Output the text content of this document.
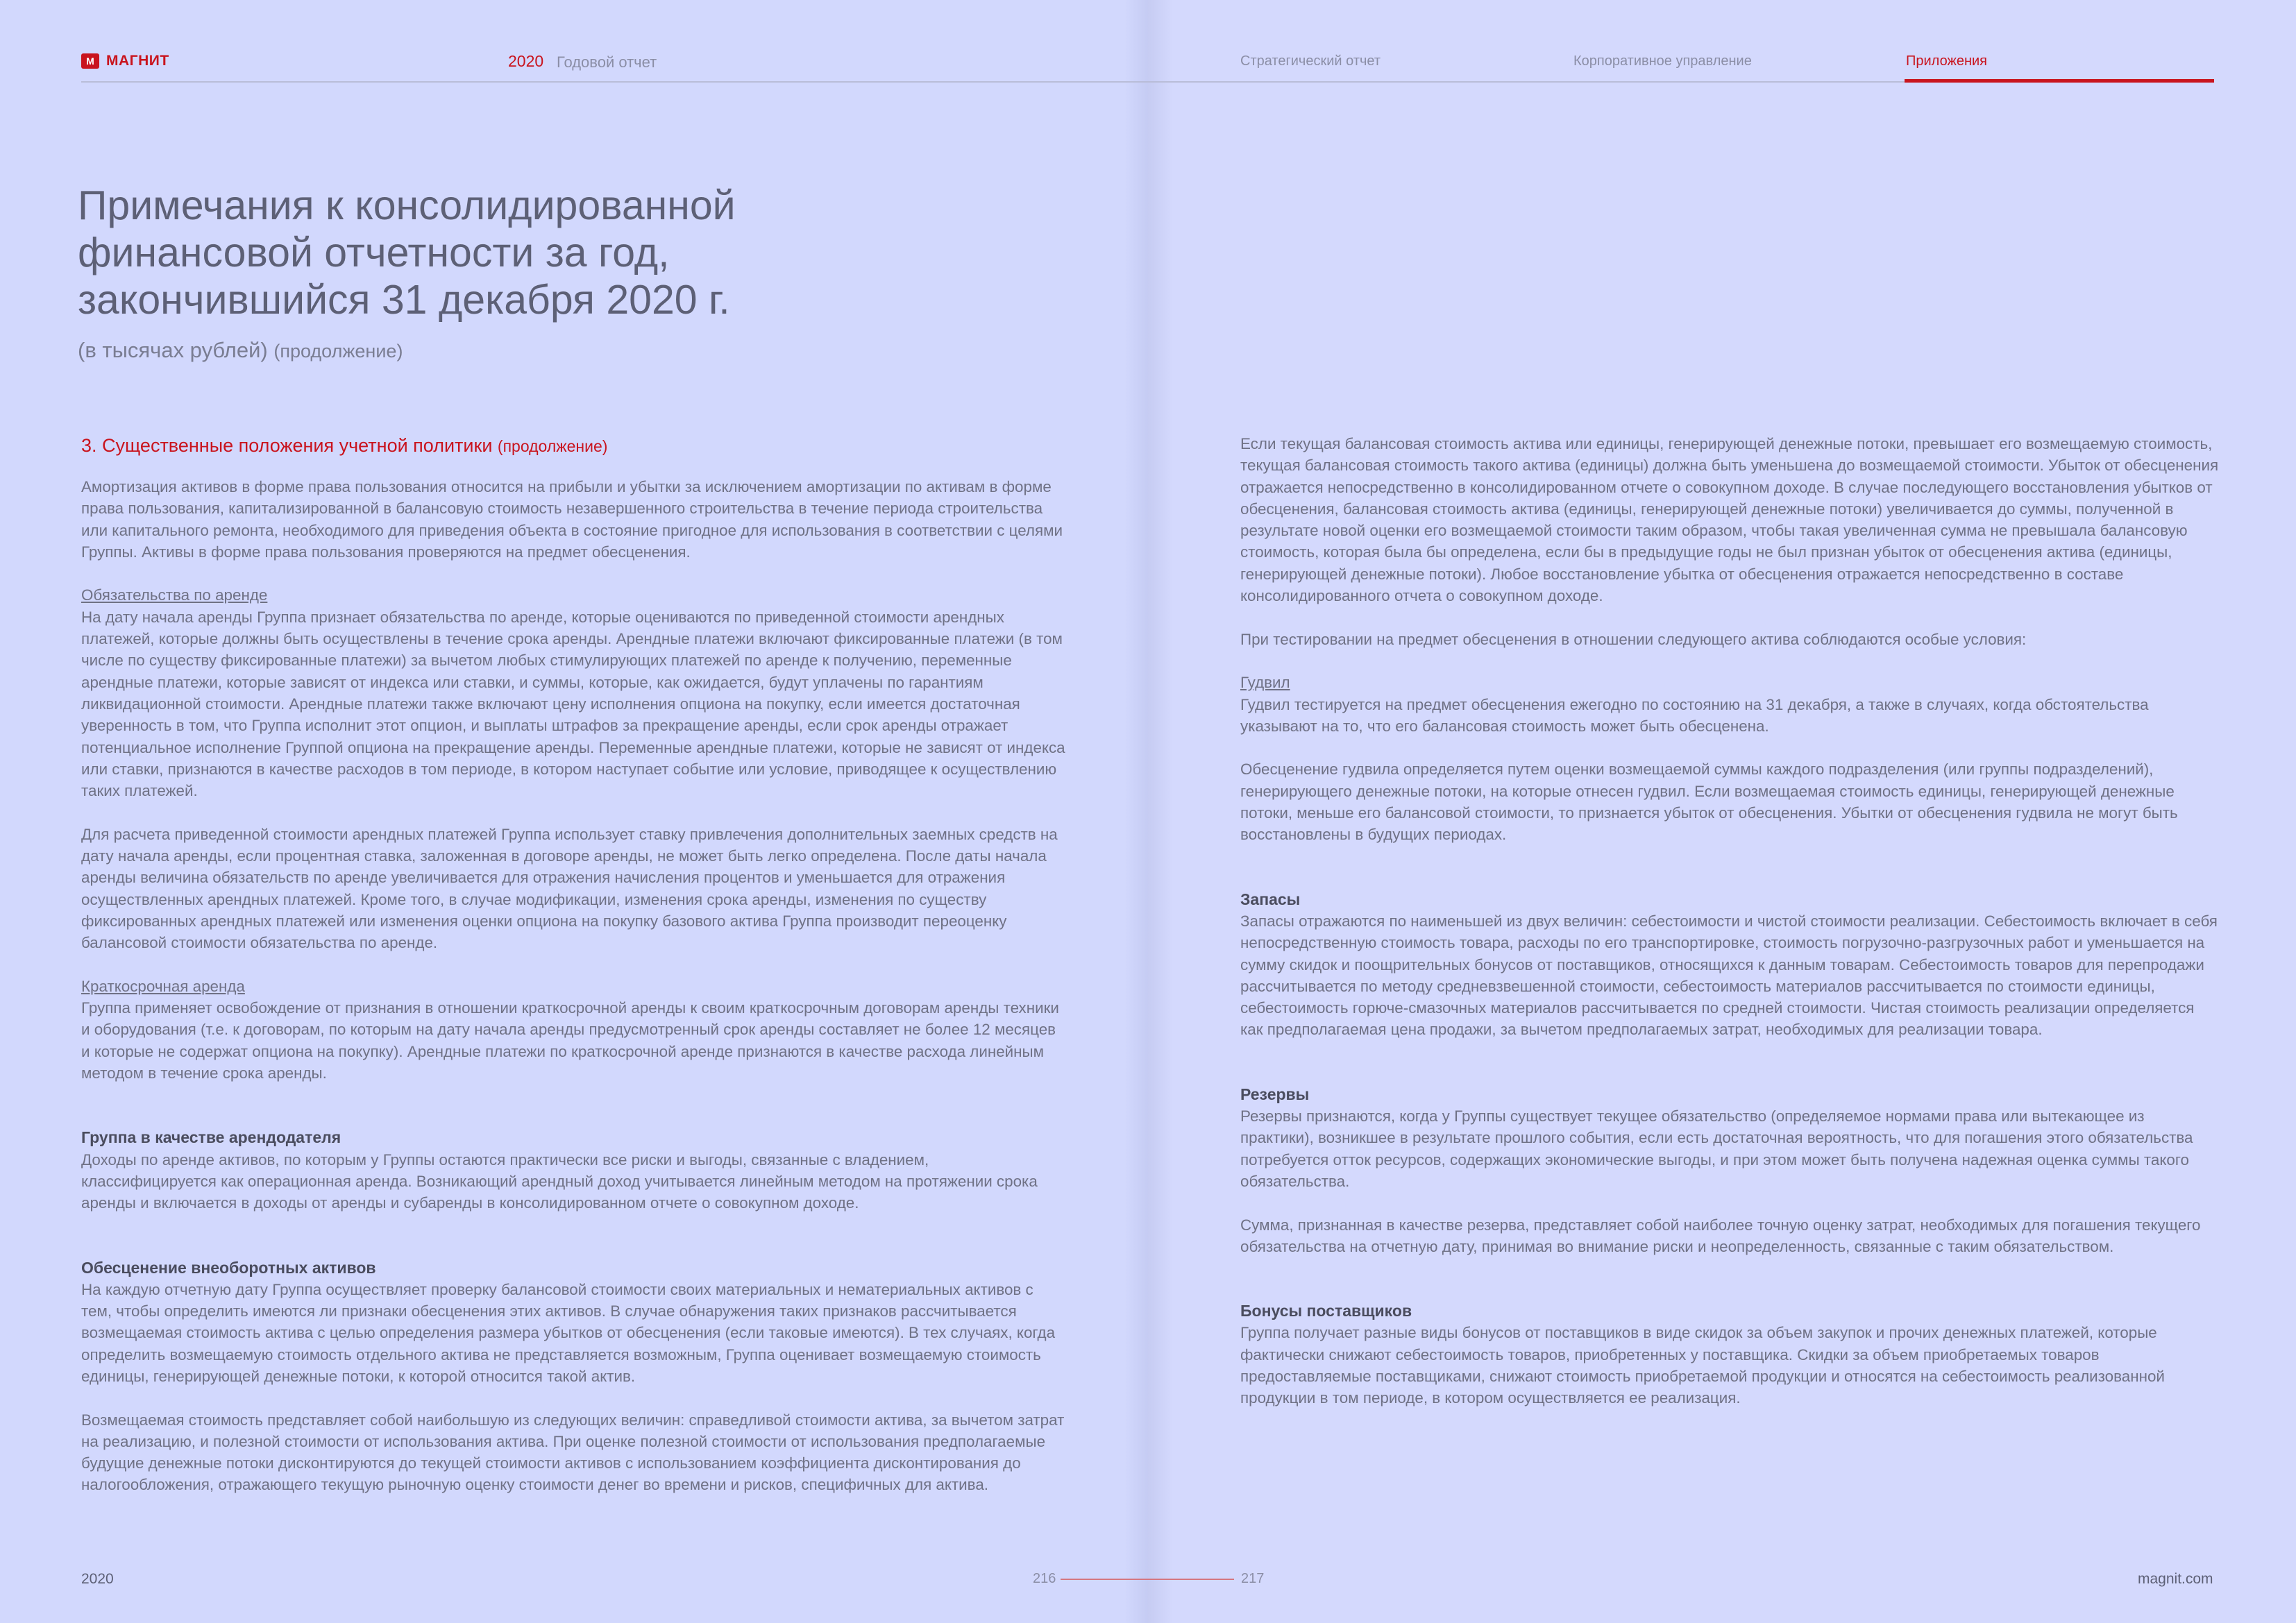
M МАГНИТ	2020 Годовой отчет	Стратегический отчет	Корпоративное управление	Приложения
Примечания к консолидированной
финансовой отчетности за год,
закончившийся 31 декабря 2020 г.
(в тысячах рублей) (продолжение)
3. Существенные положения учетной политики (продолжение)

Амортизация активов в форме права пользования относится на прибыли и убытки за исключением амортизации по активам в форме права пользования, капитализированной в балансовую стоимость незавершенного строительства в течение периода строительства или капитального ремонта, необходимого для приведения объекта в состояние пригодное для использования в соответствии с целями Группы. Активы в форме права пользования проверяются на предмет обесценения.

Обязательства по аренде
На дату начала аренды Группа признает обязательства по аренде, которые оцениваются по приведенной стоимости арендных платежей, которые должны быть осуществлены в течение срока аренды. Арендные платежи включают фиксированные платежи (в том числе по существу фиксированные платежи) за вычетом любых стимулирующих платежей по аренде к получению, переменные арендные платежи, которые зависят от индекса или ставки, и суммы, которые, как ожидается, будут уплачены по гарантиям ликвидационной стоимости. Арендные платежи также включают цену исполнения опциона на покупку, если имеется достаточная уверенность в том, что Группа исполнит этот опцион, и выплаты штрафов за прекращение аренды, если срок аренды отражает потенциальное исполнение Группой опциона на прекращение аренды. Переменные арендные платежи, которые не зависят от индекса или ставки, признаются в качестве расходов в том периоде, в котором наступает событие или условие, приводящее к осуществлению таких платежей.

Для расчета приведенной стоимости арендных платежей Группа использует ставку привлечения дополнительных заемных средств на дату начала аренды, если процентная ставка, заложенная в договоре аренды, не может быть легко определена. После даты начала аренды величина обязательств по аренде увеличивается для отражения начисления процентов и уменьшается для отражения осуществленных арендных платежей. Кроме того, в случае модификации, изменения срока аренды, изменения по существу фиксированных арендных платежей или изменения оценки опциона на покупку базового актива Группа производит переоценку балансовой стоимости обязательства по аренде.

Краткосрочная аренда
Группа применяет освобождение от признания в отношении краткосрочной аренды к своим краткосрочным договорам аренды техники и оборудования (т.е. к договорам, по которым на дату начала аренды предусмотренный срок аренды составляет не более 12 месяцев и которые не содержат опциона на покупку). Арендные платежи по краткосрочной аренде признаются в качестве расхода линейным методом в течение срока аренды.
Группа в качестве арендодателя
Доходы по аренде активов, по которым у Группы остаются практически все риски и выгоды, связанные с владением, классифицируется как операционная аренда. Возникающий арендный доход учитывается линейным методом на протяжении срока аренды и включается в доходы от аренды и субаренды в консолидированном отчете о совокупном доходе.
Обесценение внеоборотных активов
На каждую отчетную дату Группа осуществляет проверку балансовой стоимости своих материальных и нематериальных активов с тем, чтобы определить имеются ли признаки обесценения этих активов. В случае обнаружения таких признаков рассчитывается возмещаемая стоимость актива с целью определения размера убытков от обесценения (если таковые имеются). В тех случаях, когда определить возмещаемую стоимость отдельного актива не представляется возможным, Группа оценивает возмещаемую стоимость единицы, генерирующей денежные потоки, к которой относится такой актив.

Возмещаемая стоимость представляет собой наибольшую из следующих величин: справедливой стоимости актива, за вычетом затрат на реализацию, и полезной стоимости от использования актива. При оценке полезной стоимости от использования предполагаемые будущие денежные потоки дисконтируются до текущей стоимости активов с использованием коэффициента дисконтирования до налогообложения, отражающего текущую рыночную оценку стоимости денег во времени и рисков, специфичных для актива.

Если текущая балансовая стоимость актива или единицы, генерирующей денежные потоки, превышает его возмещаемую стоимость, текущая балансовая стоимость такого актива (единицы) должна быть уменьшена до возмещаемой стоимости. Убыток от обесценения отражается непосредственно в консолидированном отчете о совокупном доходе. В случае последующего восстановления убытков от обесценения, балансовая стоимость актива (единицы, генерирующей денежные потоки) увеличивается до суммы, полученной в результате новой оценки его возмещаемой стоимости таким образом, чтобы такая увеличенная сумма не превышала балансовую стоимость, которая была бы определена, если бы в предыдущие годы не был признан убыток от обесценения актива (единицы, генерирующей денежные потоки). Любое восстановление убытка от обесценения отражается непосредственно в составе консолидированного отчета о совокупном доходе.

При тестировании на предмет обесценения в отношении следующего актива соблюдаются особые условия:

Гудвил
Гудвил тестируется на предмет обесценения ежегодно по состоянию на 31 декабря, а также в случаях, когда обстоятельства указывают на то, что его балансовая стоимость может быть обесценена.

Обесценение гудвила определяется путем оценки возмещаемой суммы каждого подразделения (или группы подразделений), генерирующего денежные потоки, на которые отнесен гудвил. Если возмещаемая стоимость единицы, генерирующей денежные потоки, меньше его балансовой стоимости, то признается убыток от обесценения. Убытки от обесценения гудвила не могут быть восстановлены в будущих периодах.

Запасы
Запасы отражаются по наименьшей из двух величин: себестоимости и чистой стоимости реализации. Себестоимость включает в себя непосредственную стоимость товара, расходы по его транспортировке, стоимость погрузочно-разгрузочных работ и уменьшается на сумму скидок и поощрительных бонусов от поставщиков, относящихся к данным товарам. Себестоимость товаров для перепродажи рассчитывается по методу средневзвешенной стоимости, себестоимость материалов рассчитывается по стоимости единицы, себестоимость горюче-смазочных материалов рассчитывается по средней стоимости. Чистая стоимость реализации определяется как предполагаемая цена продажи, за вычетом предполагаемых затрат, необходимых для реализации товара.
Резервы
Резервы признаются, когда у Группы существует текущее обязательство (определяемое нормами права или вытекающее из практики), возникшее в результате прошлого события, если есть достаточная вероятность, что для погашения этого обязательства потребуется отток ресурсов, содержащих экономические выгоды, и при этом может быть получена надежная оценка суммы такого обязательства.

Сумма, признанная в качестве резерва, представляет собой наиболее точную оценку затрат, необходимых для погашения текущего обязательства на отчетную дату, принимая во внимание риски и неопределенность, связанные с таким обязательством.

Бонусы поставщиков
Группа получает разные виды бонусов от поставщиков в виде скидок за объем закупок и прочих денежных платежей, которые фактически снижают себестоимость товаров, приобретенных у поставщика. Скидки за объем приобретаемых товаров предоставляемые поставщиками, снижают стоимость приобретаемой продукции и относятся на себестоимость реализованной продукции в том периоде, в котором осуществляется ее реализация.
2020	216	217	magnit.com
